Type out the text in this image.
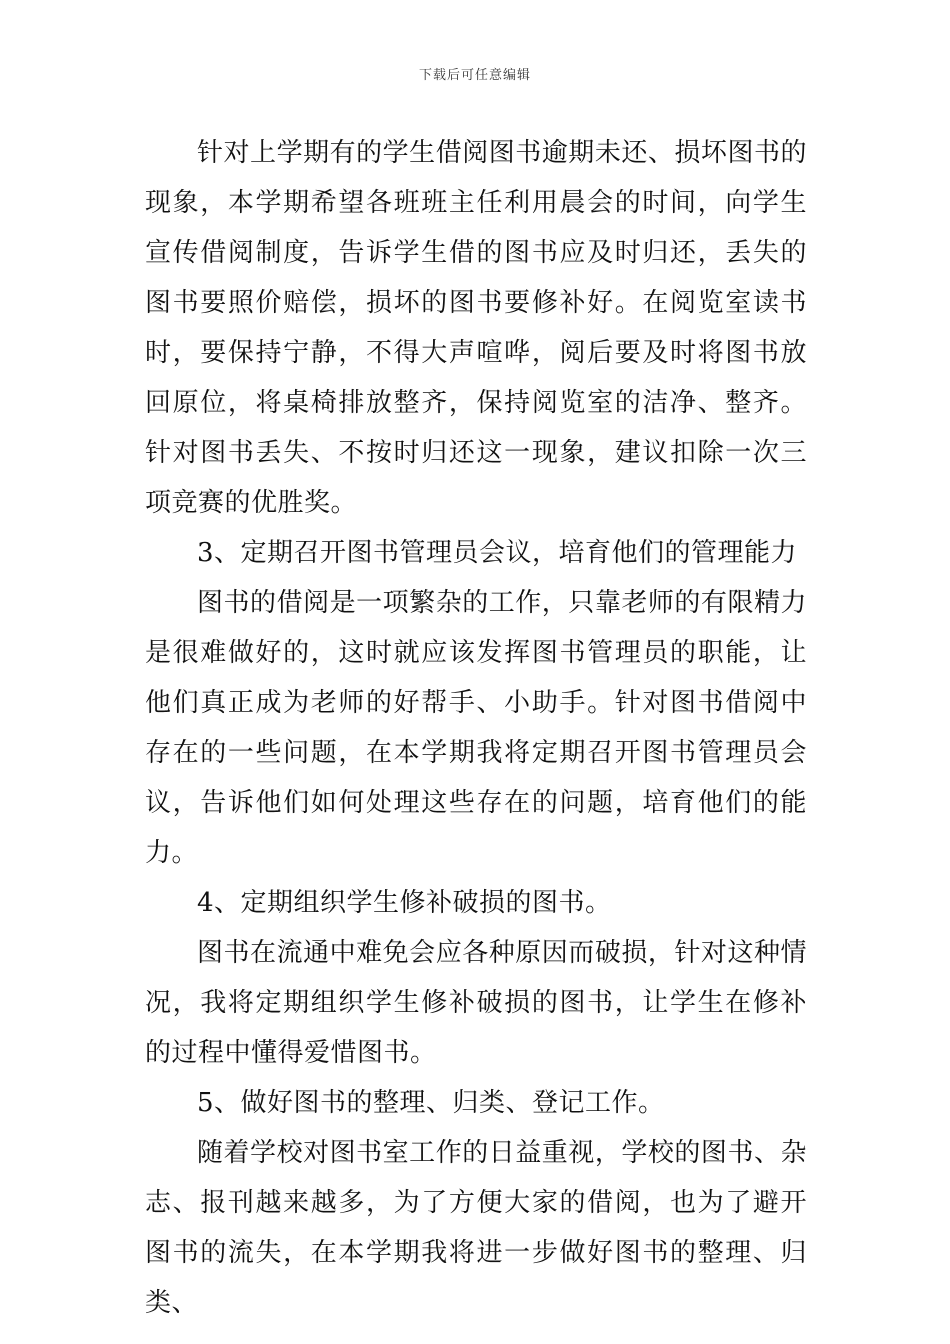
下载后可任意编辑

针对上学期有的学生借阅图书逾期未还、损坏图书的现象，本学期希望各班班主任利用晨会的时间，向学生宣传借阅制度，告诉学生借的图书应及时归还，丢失的图书要照价赔偿，损坏的图书要修补好。在阅览室读书时，要保持宁静，不得大声喧哗，阅后要及时将图书放回原位，将桌椅排放整齐，保持阅览室的洁净、整齐。针对图书丢失、不按时归还这一现象，建议扣除一次三项竞赛的优胜奖。

3、定期召开图书管理员会议，培育他们的管理能力

图书的借阅是一项繁杂的工作，只靠老师的有限精力是很难做好的，这时就应该发挥图书管理员的职能，让他们真正成为老师的好帮手、小助手。针对图书借阅中存在的一些问题，在本学期我将定期召开图书管理员会议，告诉他们如何处理这些存在的问题，培育他们的能力。

4、定期组织学生修补破损的图书。

图书在流通中难免会应各种原因而破损，针对这种情况，我将定期组织学生修补破损的图书，让学生在修补的过程中懂得爱惜图书。

5、做好图书的整理、归类、登记工作。

随着学校对图书室工作的日益重视，学校的图书、杂志、报刊越来越多，为了方便大家的借阅，也为了避开图书的流失，在本学期我将进一步做好图书的整理、归类、
